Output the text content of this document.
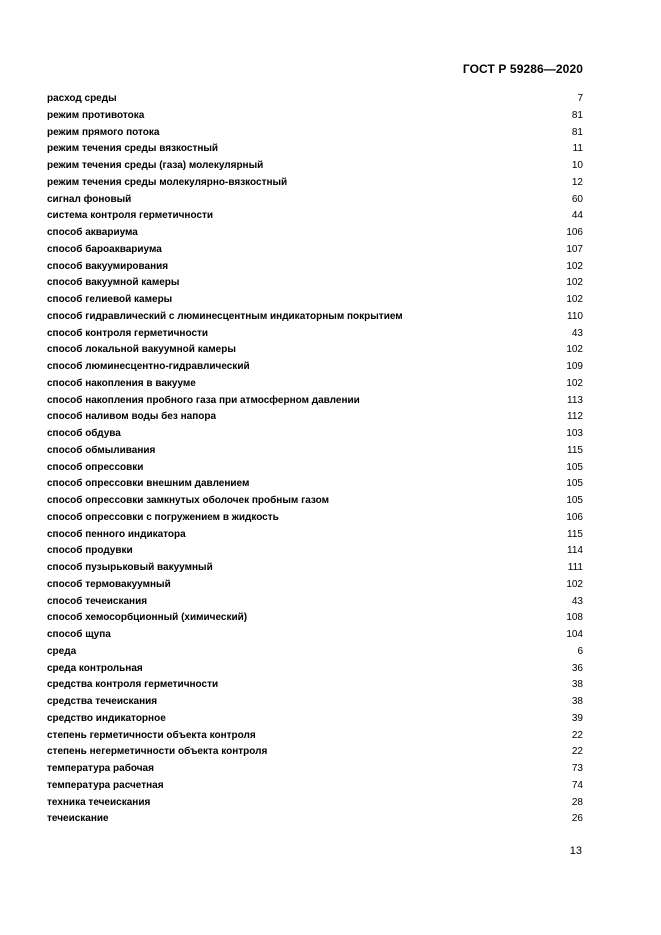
ГОСТ Р 59286—2020
расход среды	7
режим противотока	81
режим прямого потока	81
режим течения среды вязкостный	11
режим течения среды (газа) молекулярный	10
режим течения среды молекулярно-вязкостный	12
сигнал фоновый	60
система контроля герметичности	44
способ аквариума	106
способ бароаквариума	107
способ вакуумирования	102
способ вакуумной камеры	102
способ гелиевой камеры	102
способ гидравлический с люминесцентным индикаторным покрытием	110
способ контроля герметичности	43
способ локальной вакуумной камеры	102
способ люминесцентно-гидравлический	109
способ накопления в вакууме	102
способ накопления пробного газа при атмосферном давлении	113
способ наливом воды без напора	112
способ обдува	103
способ обмыливания	115
способ опрессовки	105
способ опрессовки внешним давлением	105
способ опрессовки замкнутых оболочек пробным газом	105
способ опрессовки с погружением в жидкость	106
способ пенного индикатора	115
способ продувки	114
способ пузырьковый вакуумный	111
способ термовакуумный	102
способ течеискания	43
способ хемосорбционный (химический)	108
способ щупа	104
среда	6
среда контрольная	36
средства контроля герметичности	38
средства течеискания	38
средство индикаторное	39
степень герметичности объекта контроля	22
степень негерметичности объекта контроля	22
температура рабочая	73
температура расчетная	74
техника течеискания	28
течеискание	26
13
